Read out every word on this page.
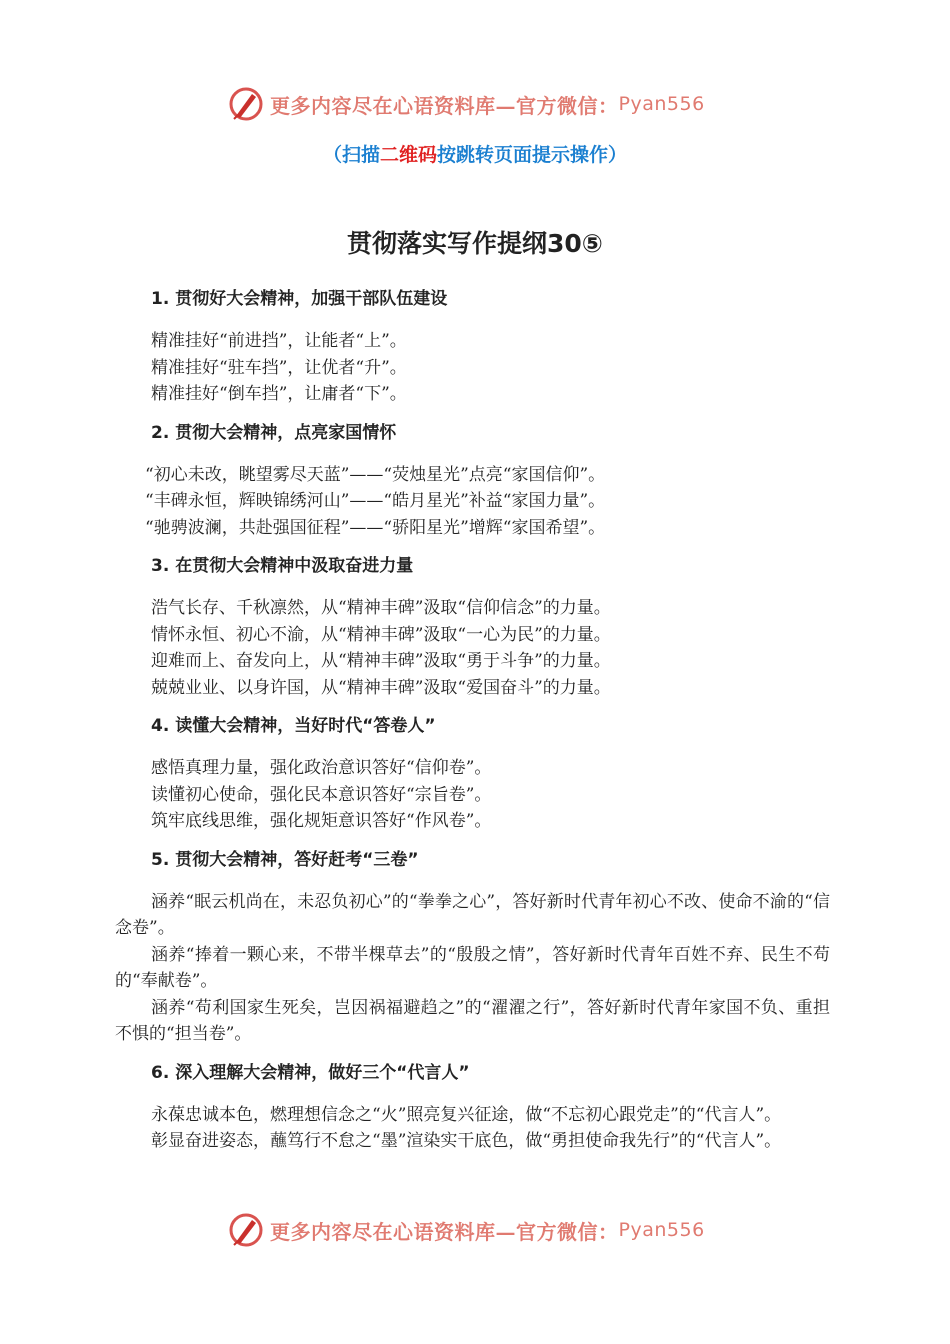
更多内容尽在心语资料库—官方微信： Pyan556
（扫描二维码按跳转页面提示操作）
贯彻落实写作提纲30⑤
1. 贯彻好大会精神，加强干部队伍建设
精准挂好“前进挡”，让能者“上”。
精准挂好“驻车挡”，让优者“升”。
精准挂好“倒车挡”，让庸者“下”。
2. 贯彻大会精神，点亮家国情怀
“初心未改，眺望雾尽天蓝”——“荧烛星光”点亮“家国信仰”。
“丰碑永恒，辉映锦绣河山”——“皓月星光”补益“家国力量”。
“驰骋波澜，共赴强国征程”——“骄阳星光”增辉“家国希望”。
3. 在贯彻大会精神中汲取奋进力量
浩气长存、千秋凛然，从“精神丰碑”汲取“信仰信念”的力量。
情怀永恒、初心不渝，从“精神丰碑”汲取“一心为民”的力量。
迎难而上、奋发向上，从“精神丰碑”汲取“勇于斗争”的力量。
兢兢业业、以身许国，从“精神丰碑”汲取“爱国奋斗”的力量。
4. 读懂大会精神，当好时代“答卷人”
感悟真理力量，强化政治意识答好“信仰卷”。
读懂初心使命，强化民本意识答好“宗旨卷”。
筑牢底线思维，强化规矩意识答好“作风卷”。
5. 贯彻大会精神，答好赶考“三卷”
涵养“眠云机尚在，未忍负初心”的“拳拳之心”，答好新时代青年初心不改、使命不渝的“信念卷”。
涵养“捧着一颗心来，不带半棵草去”的“殷殷之情”，答好新时代青年百姓不弃、民生不苟的“奉献卷”。
涵养“苟利国家生死矣，岂因祸福避趋之”的“濯濯之行”，答好新时代青年家国不负、重担不惧的“担当卷”。
6. 深入理解大会精神，做好三个“代言人”
永葆忠诚本色，燃理想信念之“火”照亮复兴征途，做“不忘初心跟党走”的“代言人”。
彰显奋进姿态，蘸笃行不怠之“墨”渲染实干底色，做“勇担使命我先行”的“代言人”。
更多内容尽在心语资料库—官方微信： Pyan556
